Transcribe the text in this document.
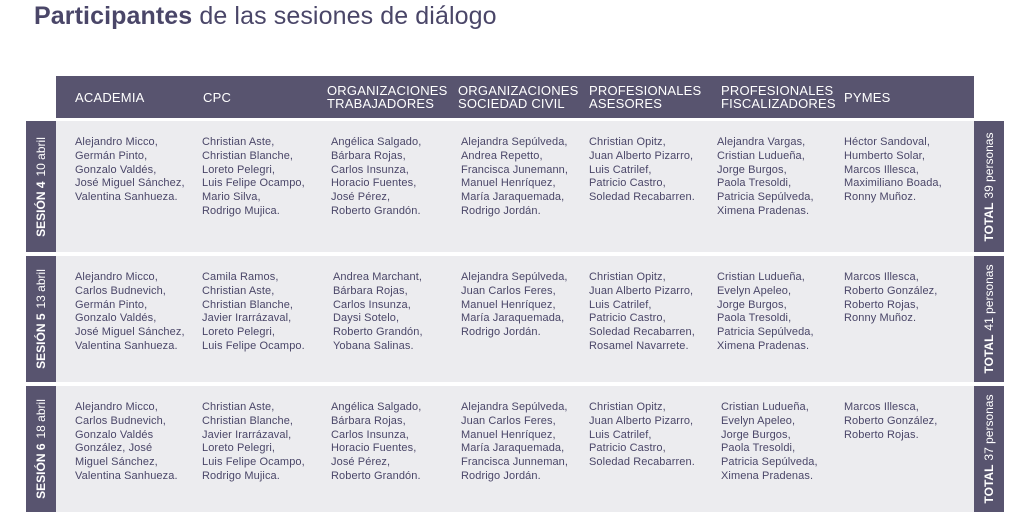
Participantes de las sesiones de diálogo
ACADEMIA	CPC	ORGANIZACIONES
TRABAJADORES
ORGANIZACIONES
SOCIEDAD CIVIL
PROFESIONALES
ASESORES
PROFESIONALES
FISCALIZADORES PYMES
SESIÓN 410 abril
TOTAL39 personas
Alejandro Micco,
Germán Pinto,
Gonzalo Valdés,
José Miguel Sánchez,
Valentina Sanhueza.
Christian Aste,
Christian Blanche,
Loreto Pelegri,
Luis Felipe Ocampo,
Mario Silva,
Rodrigo Mujica.
Angélica Salgado,
Bárbara Rojas,
Carlos Insunza,
Horacio Fuentes,
José Pérez,
Roberto Grandón.
Alejandra Sepúlveda,
Andrea Repetto,
Francisca Junemann,
Manuel Henríquez,
María Jaraquemada,
Rodrigo Jordán.
Christian Opitz,
Juan Alberto Pizarro,
Luis Catrilef,
Patricio Castro,
Soledad Recabarren.
Alejandra Vargas,
Cristian Ludueña,
Jorge Burgos,
Paola Tresoldi,
Patricia Sepúlveda,
Ximena Pradenas.
Héctor Sandoval,
Humberto Solar,
Marcos Illesca,
Maximiliano Boada,
Ronny Muñoz.
SESIÓN 513 abril
TOTAL41 personas
Alejandro Micco,
Carlos Budnevich,
Germán Pinto,
Gonzalo Valdés,
José Miguel Sánchez,
Valentina Sanhueza.
Camila Ramos,
Christian Aste,
Christian Blanche,
Javier Irarrázaval,
Loreto Pelegri,
Luis Felipe Ocampo.
Andrea Marchant,
Bárbara Rojas,
Carlos Insunza,
Daysi Sotelo,
Roberto Grandón,
Yobana Salinas.
Alejandra Sepúlveda,
Juan Carlos Feres,
Manuel Henríquez,
María Jaraquemada,
Rodrigo Jordán.
Christian Opitz,
Juan Alberto Pizarro,
Luis Catrilef,
Patricio Castro,
Soledad Recabarren,
Rosamel Navarrete.
Cristian Ludueña,
Evelyn Apeleo,
Jorge Burgos,
Paola Tresoldi,
Patricia Sepúlveda,
Ximena Pradenas.
Marcos Illesca,
Roberto González,
Roberto Rojas,
Ronny Muñoz.
SESIÓN 618 abril
TOTAL37 personas
Alejandro Micco,
Carlos Budnevich,
Gonzalo Valdés
González, José
Miguel Sánchez,
Valentina Sanhueza.
Christian Aste,
Christian Blanche,
Javier Irarrázaval,
Loreto Pelegri,
Luis Felipe Ocampo,
Rodrigo Mujica.
Angélica Salgado,
Bárbara Rojas,
Carlos Insunza,
Horacio Fuentes,
José Pérez,
Roberto Grandón.
Alejandra Sepúlveda,
Juan Carlos Feres,
Manuel Henríquez,
María Jaraquemada,
Francisca Junneman,
Rodrigo Jordán.
Christian Opitz,
Juan Alberto Pizarro,
Luis Catrilef,
Patricio Castro,
Soledad Recabarren.
Cristian Ludueña,
Evelyn Apeleo,
Jorge Burgos,
Paola Tresoldi,
Patricia Sepúlveda,
Ximena Pradenas.
Marcos Illesca,
Roberto González,
Roberto Rojas.
